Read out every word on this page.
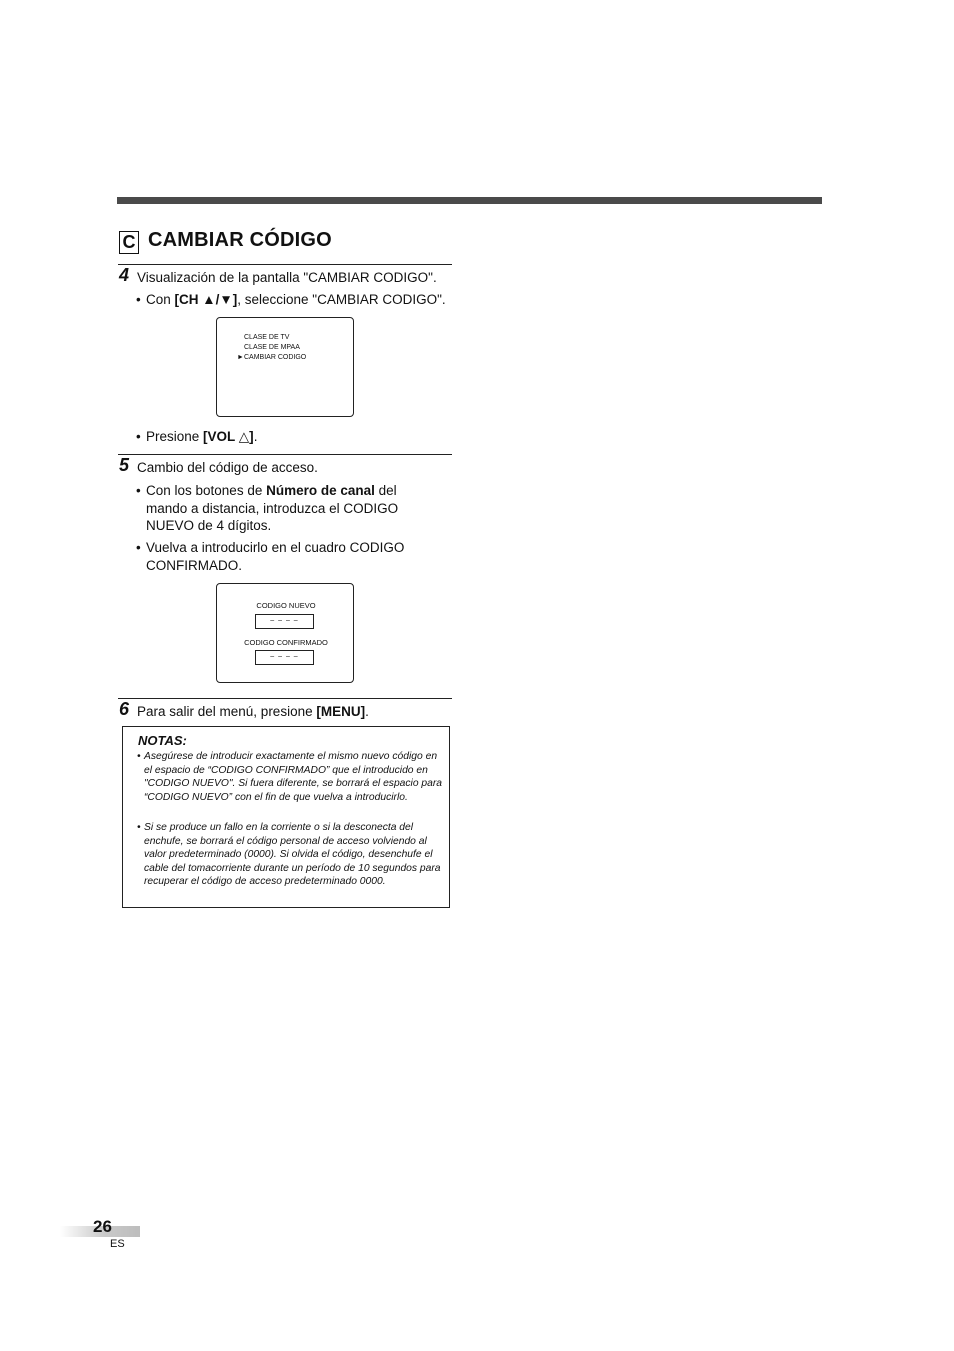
C CAMBIAR CÓDIGO
4 Visualización de la pantalla "CAMBIAR CODIGO".
• Con [CH ▲/▼], seleccione "CAMBIAR CODIGO".
CLASE DE TV
CLASE DE MPAA
► CAMBIAR CODIGO
• Presione [VOL △].
5 Cambio del código de acceso.
• Con los botones de Número de canal del mando a distancia, introduzca el CODIGO NUEVO de 4 dígitos.
• Vuelva a introducirlo en el cuadro CODIGO CONFIRMADO.
CODIGO NUEVO
– – – –
CODIGO CONFIRMADO
– – – –
6 Para salir del menú, presione [MENU].
NOTAS:
• Asegúrese de introducir exactamente el mismo nuevo código en el espacio de “CODIGO CONFIRMADO” que el introducido en "CODIGO NUEVO". Si fuera diferente, se borrará el espacio para “CODIGO NUEVO” con el fin de que vuelva a introducirlo.
• Si se produce un fallo en la corriente o si la desconecta del enchufe, se borrará el código personal de acceso volviendo al valor predeterminado (0000). Si olvida el código, desenchufe el cable del tomacorriente durante un período de 10 segundos para recuperar el código de acceso predeterminado 0000.
26
ES
